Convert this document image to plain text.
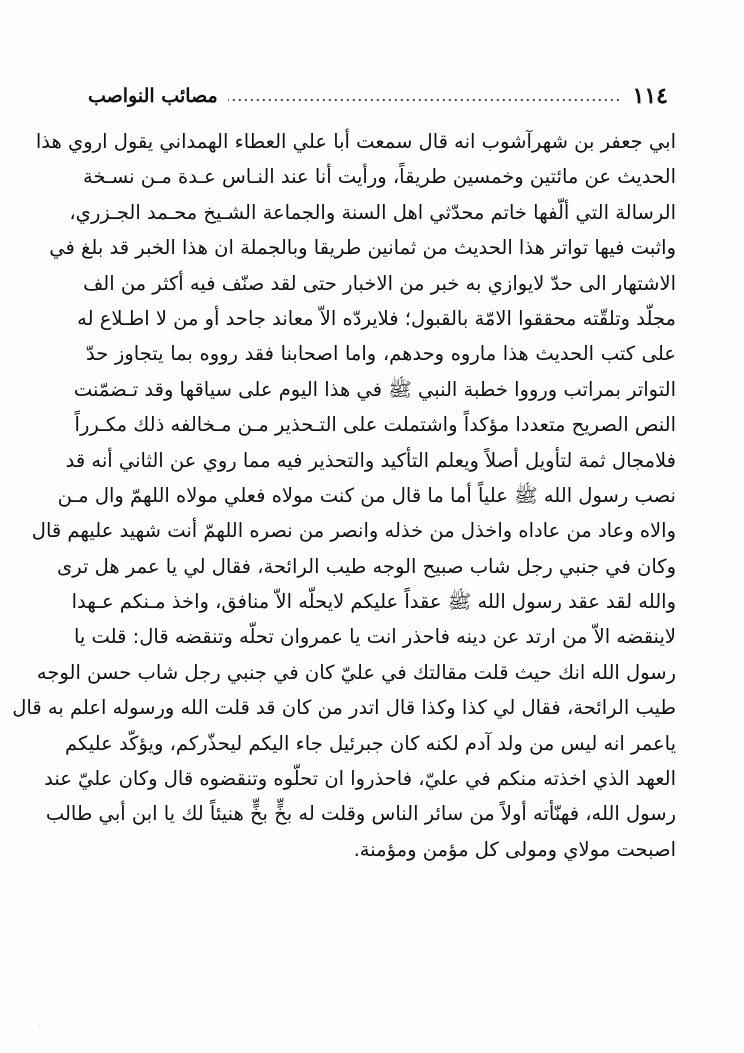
١١٤
مصائب النواصب
ابي جعفر بن شهرآشوب انه قال سمعت أبا علي العطاء الهمداني يقول اروي هذا
الحديث عن مائتين وخمسين طريقاً، ورأيت أنا عند النـاس عـدة مـن نسـخة
الرسالة التي ألّفها خاتم محدّثي اهل السنة والجماعة الشـيخ محـمد الجـزري،
واثبت فيها تواتر هذا الحديث من ثمانين طريقا وبالجملة ان هذا الخبر قد بلغ في
الاشتهار الى حدّ لايوازي به خبر من الاخبار حتى لقد صنّف فيه أكثر من الف
مجلّد وتلقّته محققوا الامّة بالقبول؛ فلايردّه الاّ معاند جاحد أو من لا اطـلاع له
على كتب الحديث هذا ماروه وحدهم، واما اصحابنا فقد رووه بما يتجاوز حدّ
التواتر بمراتب ورووا خطبة النبي ﷺ في هذا اليوم على سياقها وقد تـضمّنت
النص الصريح متعددا مؤكداً واشتملت على التـحذير مـن مـخالفه ذلك مكـرراً
فلامجال ثمة لتأويل أصلاً ويعلم التأكيد والتحذير فيه مما روي عن الثاني أنه قد
نصب رسول الله ﷺ علياً أما ما قال من كنت مولاه فعلي مولاه اللهمّ وال مـن
والاه وعاد من عاداه واخذل من خذله وانصر من نصره اللهمّ أنت شهيد عليهم قال
وكان في جنبي رجل شاب صبيح الوجه طيب الرائحة، فقال لي يا عمر هل ترى
والله لقد عقد رسول الله ﷺ عقداً عليكم لايحلّه الاّ منافق، واخذ مـنكم عـهدا
لاينقضه الاّ من ارتد عن دينه فاحذر انت يا عمروان تحلّه وتنقضه قال: قلت يا
رسول الله انك حيث قلت مقالتك في عليّ كان في جنبي رجل شاب حسن الوجه
طيب الرائحة، فقال لي كذا وكذا قال اتدر من كان قد قلت الله ورسوله اعلم به قال
ياعمر انه ليس من ولد آدم لكنه كان جبرئيل جاء اليكم ليحذّركم، ويؤكّد عليكم
العهد الذي اخذته منكم في عليّ، فاحذروا ان تحلّوه وتنقضوه قال وكان عليّ عند
رسول الله، فهنّأته أولاً من سائر الناس وقلت له بخٍّ بخٍّ هنيئاً لك يا ابن أبي طالب
اصبحت مولاي ومولى كل مؤمن ومؤمنة.
·
